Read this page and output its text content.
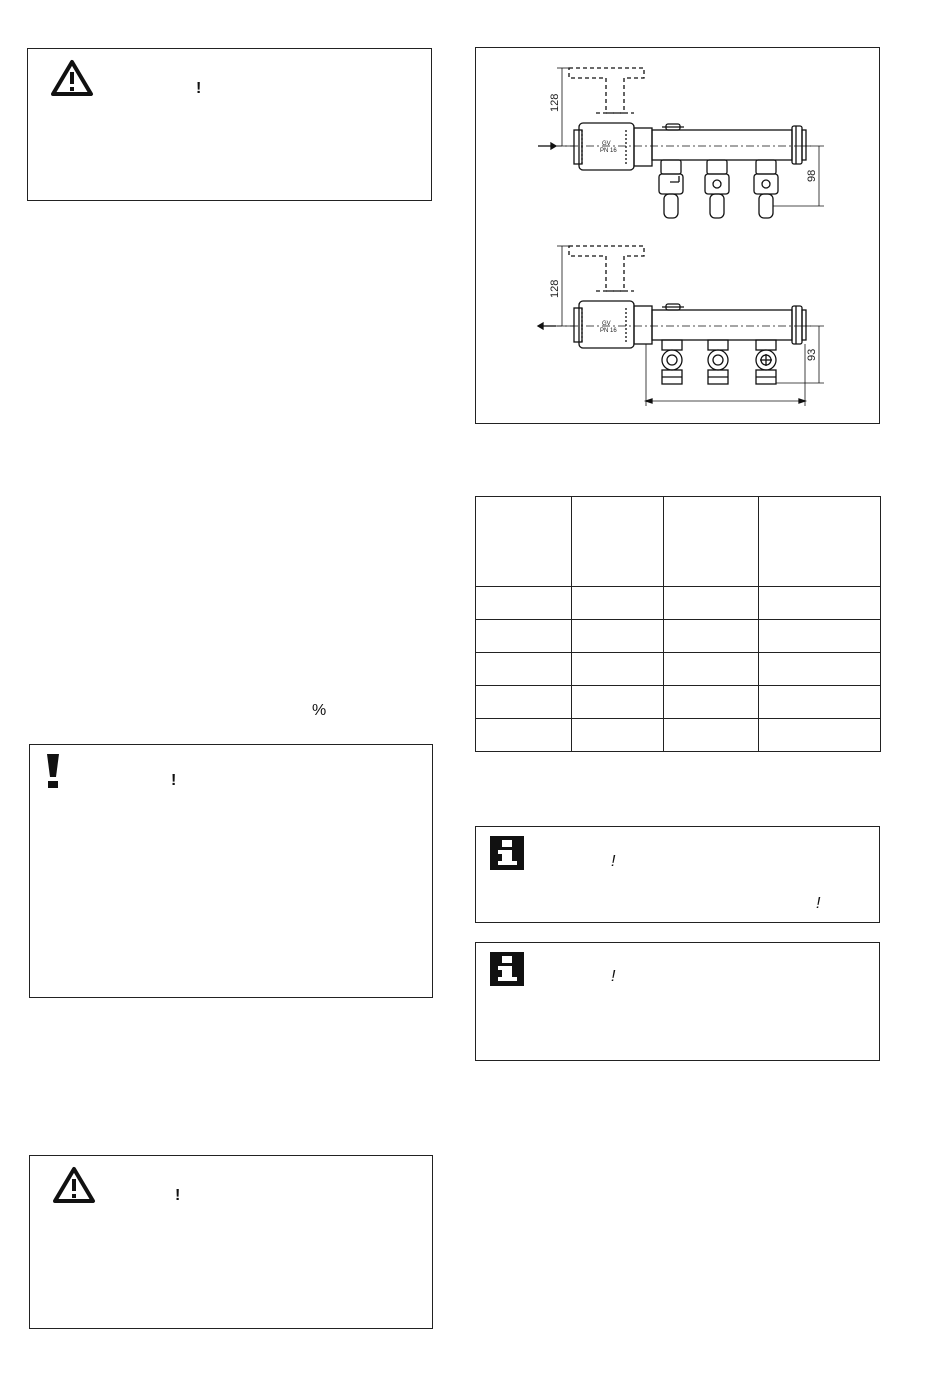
!
%
!
!
128
98
GV
PN 16
128
93
GV
PN 16

!
!
!
